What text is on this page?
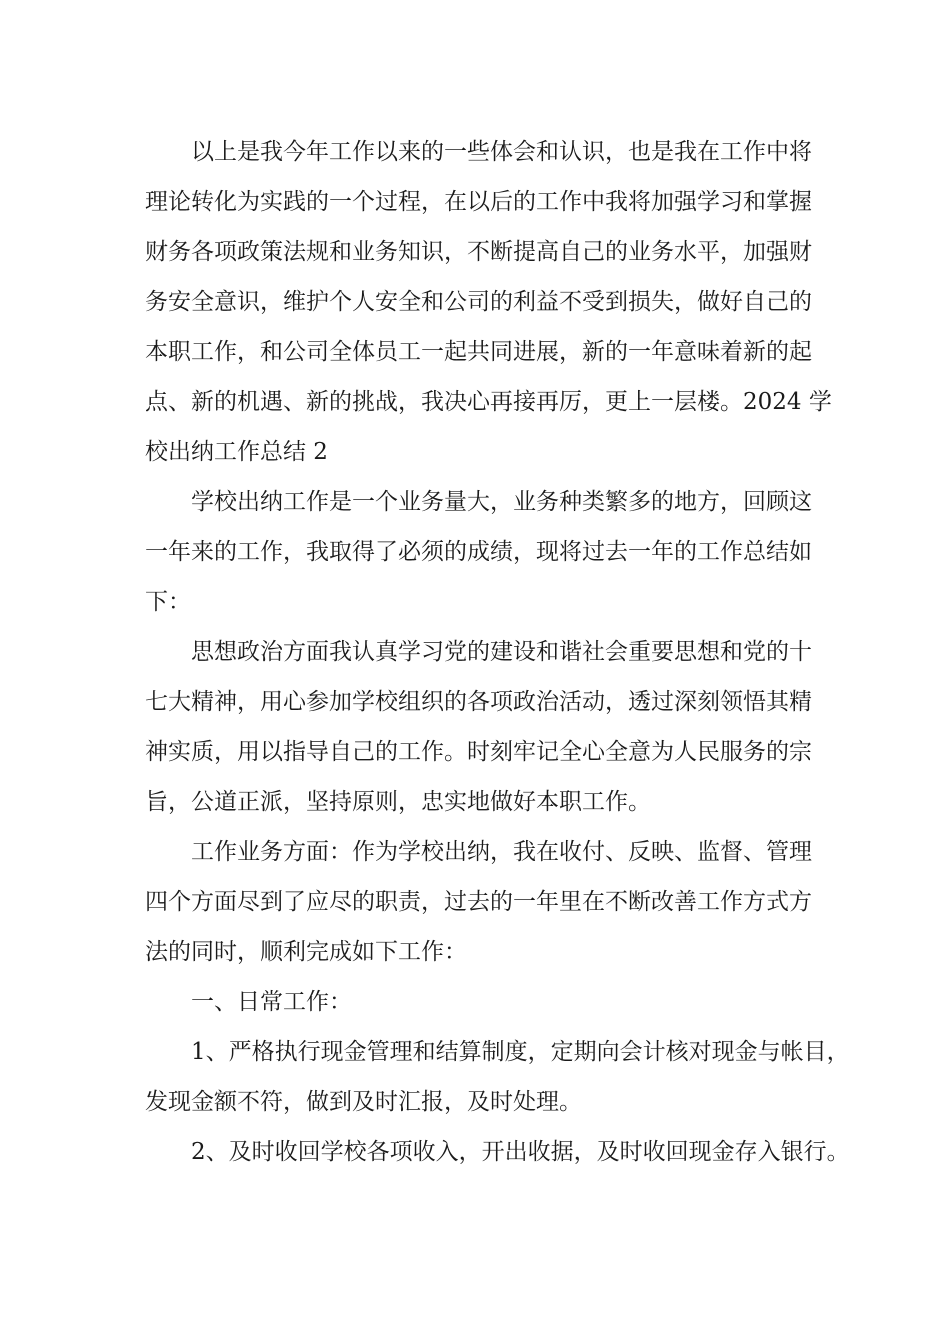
以上是我今年工作以来的一些体会和认识，也是我在工作中将

理论转化为实践的一个过程，在以后的工作中我将加强学习和掌握

财务各项政策法规和业务知识，不断提高自己的业务水平，加强财

务安全意识，维护个人安全和公司的利益不受到损失，做好自己的

本职工作，和公司全体员工一起共同进展，新的一年意味着新的起

点、新的机遇、新的挑战，我决心再接再厉，更上一层楼。2024 学

校出纳工作总结 2

学校出纳工作是一个业务量大，业务种类繁多的地方，回顾这

一年来的工作，我取得了必须的成绩，现将过去一年的工作总结如

下：

思想政治方面我认真学习党的建设和谐社会重要思想和党的十

七大精神，用心参加学校组织的各项政治活动，透过深刻领悟其精

神实质，用以指导自己的工作。时刻牢记全心全意为人民服务的宗

旨，公道正派，坚持原则，忠实地做好本职工作。

工作业务方面：作为学校出纳，我在收付、反映、监督、管理

四个方面尽到了应尽的职责，过去的一年里在不断改善工作方式方

法的同时，顺利完成如下工作：

一、日常工作：

1、严格执行现金管理和结算制度，定期向会计核对现金与帐目，

发现金额不符，做到及时汇报，及时处理。

2、及时收回学校各项收入，开出收据，及时收回现金存入银行。
